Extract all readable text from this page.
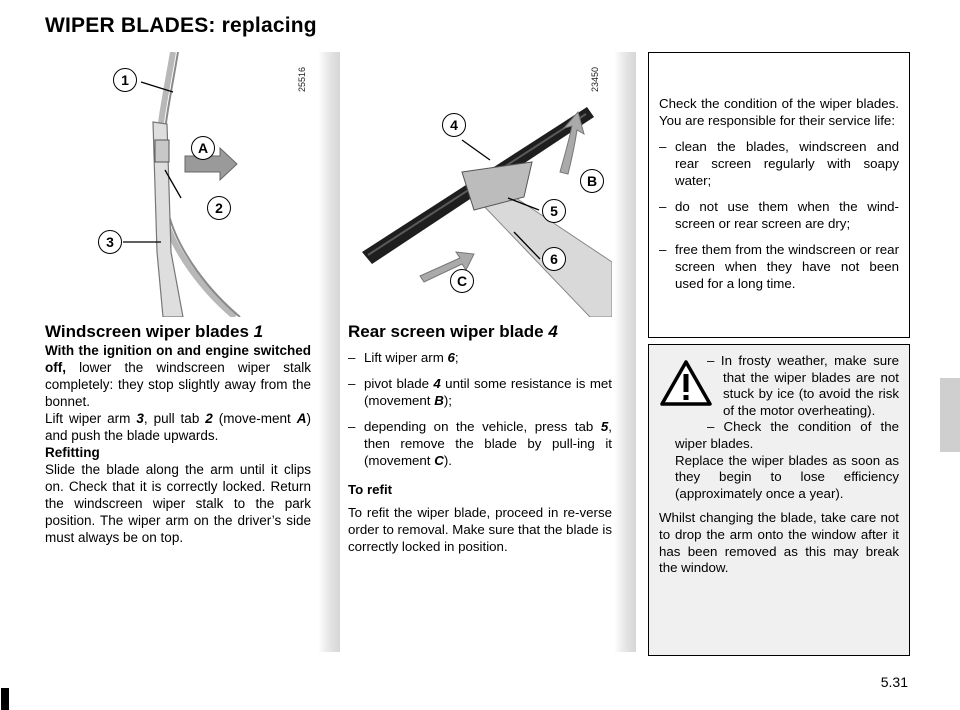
WIPER BLADES: replacing
1
A
2
3
25516
4
B
5
6
C
23450
Windscreen wiper blades 1

With the ignition on and engine switched off, lower the windscreen wiper stalk completely: they stop slightly away from the bonnet.

Lift wiper arm 3, pull tab 2 (move-ment A) and push the blade upwards.

Refitting

Slide the blade along the arm until it clips on. Check that it is correctly locked. Return the windscreen wiper stalk to the park position. The wiper arm on the driver’s side must always be on top.

Rear screen wiper blade 4
– Lift wiper arm 6;
– pivot blade 4 until some resistance is met (movement B);
– depending on the vehicle, press tab 5, then remove the blade by pull-ing it (movement C).

To refit

To refit the wiper blade, proceed in re-verse order to removal. Make sure that the blade is correctly locked in position.

Check the condition of the wiper blades. You are responsible for their service life:

– clean the blades, windscreen and rear screen regularly with soapy water;
– do not use them when the wind-screen or rear screen are dry;
– free them from the windscreen or rear screen when they have not been used for a long time.

– In frosty weather, make sure that the wiper blades are not stuck by ice (to avoid the risk of the motor overheating).

– Check the condition of the wiper blades.

Replace the wiper blades as soon as they begin to lose efficiency (approximately once a year).

Whilst changing the blade, take care not to drop the arm onto the window after it has been removed as this may break the window.

5.31
